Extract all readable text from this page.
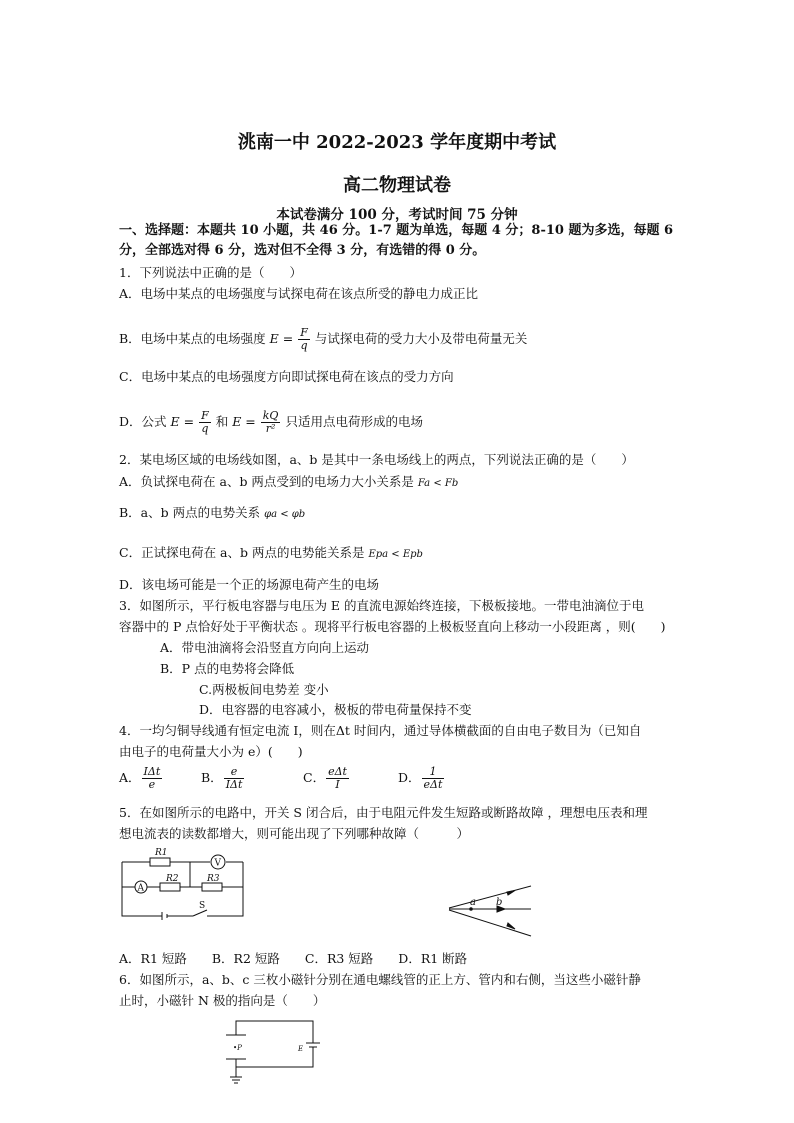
洮南一中 2022-2023 学年度期中考试
高二物理试卷
本试卷满分 100 分，考试时间 75 分钟
一、选择题：本题共 10 小题，共 46 分。1-7 题为单选，每题 4 分；8-10 题为多选，每题 6
分，全部选对得 6 分，选对但不全得 3 分，有选错的得 0 分。
1．下列说法中正确的是（　　）
A．电场中某点的电场强度与试探电荷在该点所受的静电力成正比
B．电场中某点的电场强度 $E = \frac{F}{q}$ 与试探电荷的受力大小及带电荷量无关
C．电场中某点的电场强度方向即试探电荷在该点的受力方向
D．公式 $E = \frac{F}{q}$ 和 $E = \frac{kQ}{\text{r²}}$ 只适用点电荷形成的电场
2．某电场区域的电场线如图，a、b 是其中一条电场线上的两点，下列说法正确的是（　　）
A．负试探电荷在 a、b 两点受到的电场力大小关系是 Fa < Fb
B．a、b 两点的电势关系 φa < φb
C．正试探电荷在 a、b 两点的电势能关系是 Epa < Epb
D．该电场可能是一个正的场源电荷产生的电场
3．如图所示，平行板电容器与电压为 E 的直流电源始终连接，下极板接地。一带电油滴位于电
容器中的 P 点恰好处于平衡状态 。现将平行板电容器的上极板竖直向上移动一小段距离 ，则(　　)
A．带电油滴将会沿竖直方向向上运动
B．P 点的电势将会降低
C.两极板间电势差 变小
D．电容器的电容减小，极板的带电荷量保持不变
4．一均匀铜导线通有恒定电流 I，则在Δt 时间内，通过导体横截面的自由电子数目为（已知自
由电子的电荷量大小为 e）(　　)
A． $\frac{\text{IΔt}}{e}$	B． $\frac{e}{\text{IΔt}}$	C． $\frac{\text{eΔt}}{I}$	D． $\frac{1}{\text{eΔt}}$
5．在如图所示的电路中，开关 S 闭合后，由于电阻元件发生短路或断路故障 ，理想电压表和理
想电流表的读数都增大，则可能出现了下列哪种故障（　　　）
R1
R2	R3
V
A
S	a b
A．R1 短路　　B．R2 短路　　C．R3 短路　　D．R1 断路
6．如图所示，a、b、c 三枚小磁针分别在通电螺线管的正上方、管内和右侧，当这些小磁针静
止时，小磁针 N 极的指向是（　　）
•P	E
